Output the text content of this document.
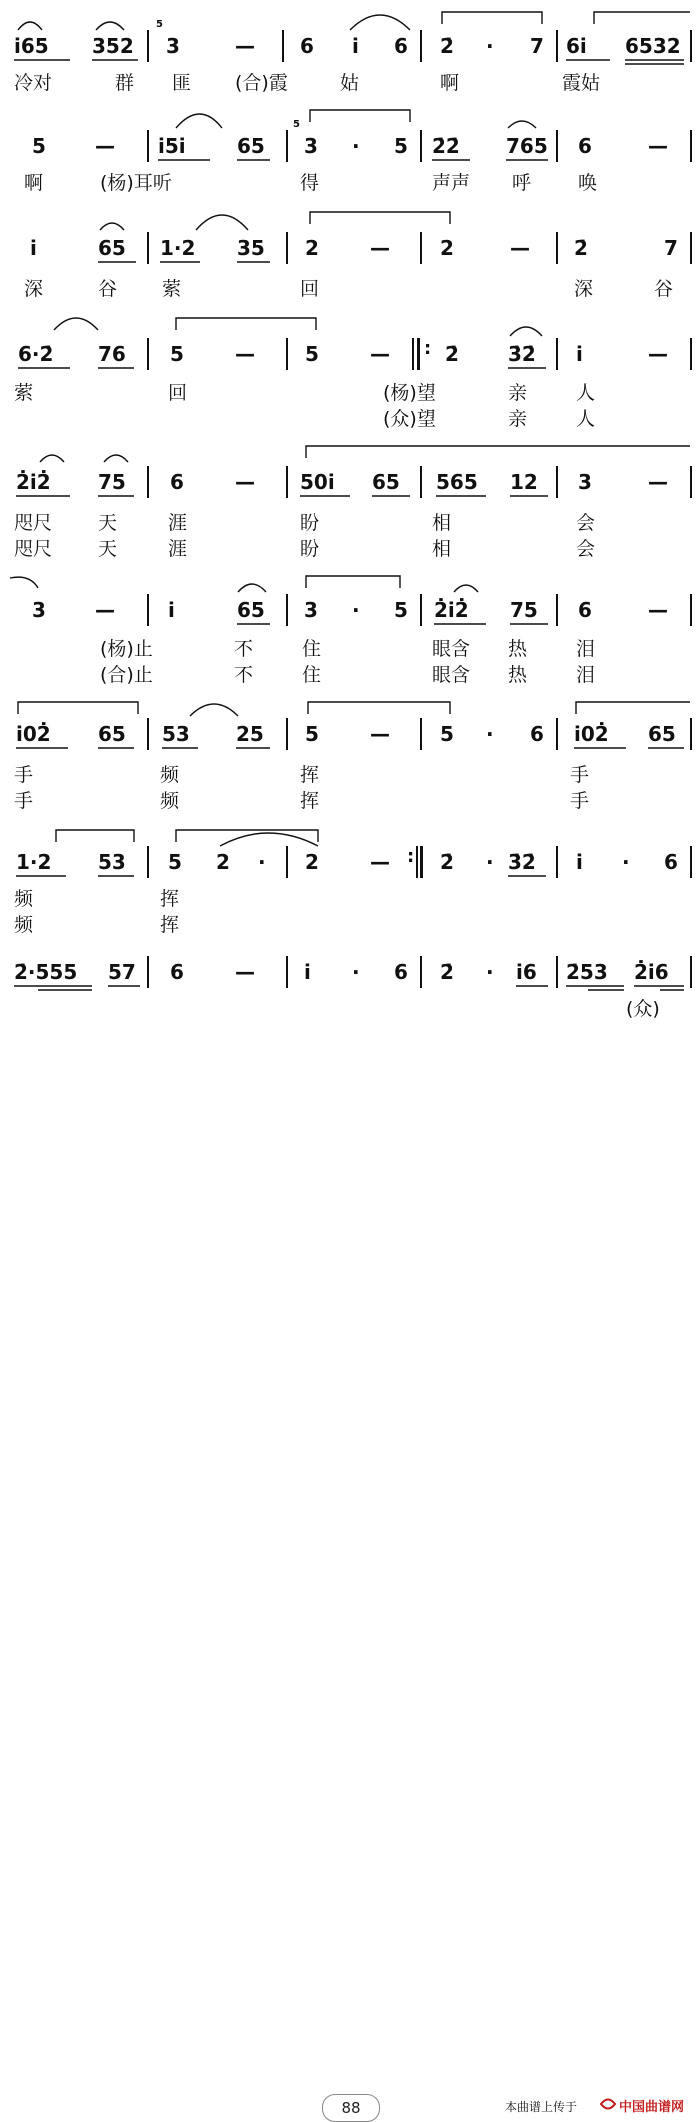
i65 352
5
3	— 6 i 6 2̇ · 7 6i 6532
冷对	群 匪 (合)霞	姑	啊	霞姑
5 — i5i	65
5
3 · 5 2̇2̇ 765 6	—
啊	(杨)耳听	得	声声 呼 唤
i	65 1·2 35 2	—	2	— 2̇	7
深	谷 萦	回	深	谷
6·2̇ 76 5	—	5	— : 2̇ 3̇2̇ i	—
萦	回	(杨)望	亲	人
(众)望	亲	人
2̇i2̇ 75 6	— 50i 65 565 12 3	—
咫尺 天	涯	盼	相	会
咫尺 天	涯	盼	相	会
3 —	i	65 3 · 5 2̇i2̇ 75 6	—
(杨)止	不	住	眼含 热	泪
(合)止	不	住	眼含 热	泪
i02̇ 65 53 25 5	—	5 · 6 i02̇ 65
手	频	挥	手
手	频	挥	手
1·2 53 5 2 · 2	— : 2̇ · 3̇2̇ i · 6
频	挥
频	挥
2̇·555 57 6	— i · 6 2̇ · i6 2̇53 2̇i6
(众)
88	本曲谱上传于	中国曲谱网
